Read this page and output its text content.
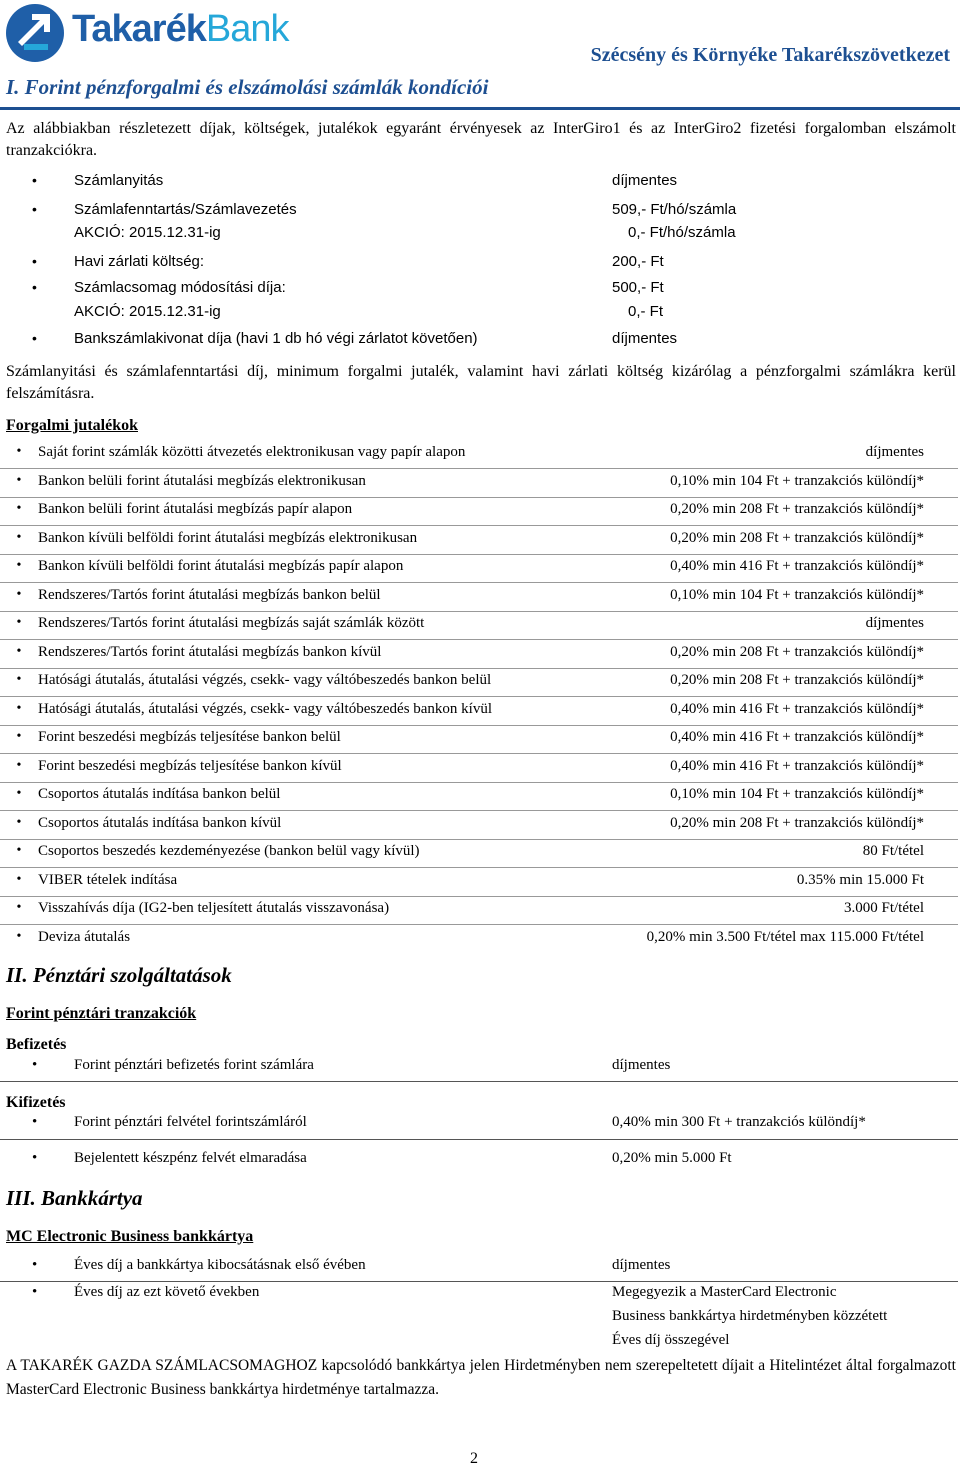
TakarékBank
Szécsény és Környéke Takarékszövetkezet
I. Forint pénzforgalmi és elszámolási számlák kondíciói
Az alábbiakban részletezett díjak, költségek, jutalékok egyaránt érvényesek az InterGiro1 és az InterGiro2 fizetési forgalomban elszámolt tranzakciókra.
• Számlanyitás	díjmentes
• Számlafenntartás/Számlavezetés	509,- Ft/hó/számla
AKCIÓ: 2015.12.31-ig	0,- Ft/hó/számla
• Havi zárlati költség:	200,- Ft
• Számlacsomag módosítási díja:	500,- Ft
AKCIÓ: 2015.12.31-ig	0,- Ft
• Bankszámlakivonat díja (havi 1 db hó végi zárlatot követően)	díjmentes
Számlanyitási és számlafenntartási díj, minimum forgalmi jutalék, valamint havi zárlati költség kizárólag a pénzforgalmi számlákra kerül felszámításra.
Forgalmi jutalékok
• Saját forint számlák közötti átvezetés elektronikusan vagy papír alapon	díjmentes
• Bankon belüli forint átutalási megbízás elektronikusan	0,10% min 104 Ft + tranzakciós különdíj*
• Bankon belüli forint átutalási megbízás papír alapon	0,20% min 208 Ft + tranzakciós különdíj*
• Bankon kívüli belföldi forint átutalási megbízás elektronikusan	0,20% min 208 Ft + tranzakciós különdíj*
• Bankon kívüli belföldi forint átutalási megbízás papír alapon	0,40% min 416 Ft + tranzakciós különdíj*
• Rendszeres/Tartós forint átutalási megbízás bankon belül	0,10% min 104 Ft + tranzakciós különdíj*
• Rendszeres/Tartós forint átutalási megbízás saját számlák között	díjmentes
• Rendszeres/Tartós forint átutalási megbízás bankon kívül	0,20% min 208 Ft + tranzakciós különdíj*
• Hatósági átutalás, átutalási végzés, csekk- vagy váltóbeszedés bankon belül	0,20% min 208 Ft + tranzakciós különdíj*
• Hatósági átutalás, átutalási végzés, csekk- vagy váltóbeszedés bankon kívül	0,40% min 416 Ft + tranzakciós különdíj*
• Forint beszedési megbízás teljesítése bankon belül	0,40% min 416 Ft + tranzakciós különdíj*
• Forint beszedési megbízás teljesítése bankon kívül	0,40% min 416 Ft + tranzakciós különdíj*
• Csoportos átutalás indítása bankon belül	0,10% min 104 Ft + tranzakciós különdíj*
• Csoportos átutalás indítása bankon kívül	0,20% min 208 Ft + tranzakciós különdíj*
• Csoportos beszedés kezdeményezése (bankon belül vagy kívül)	80 Ft/tétel
• VIBER tételek indítása	0.35% min 15.000 Ft
• Visszahívás díja (IG2-ben teljesített átutalás visszavonása)	3.000 Ft/tétel
• Deviza átutalás	0,20% min 3.500 Ft/tétel max 115.000 Ft/tétel
II. Pénztári szolgáltatások
Forint pénztári tranzakciók
Befizetés
• Forint pénztári befizetés forint számlára	díjmentes
Kifizetés
• Forint pénztári felvétel forintszámláról	0,40% min 300 Ft + tranzakciós különdíj*
• Bejelentett készpénz felvét elmaradása	0,20% min 5.000 Ft
III. Bankkártya
MC Electronic Business bankkártya
• Éves díj a bankkártya kibocsátásnak első évében	díjmentes
• Éves díj az ezt követő években	Megegyezik a MasterCard Electronic
Business bankkártya hirdetményben közzétett
Éves díj összegével
A TAKARÉK GAZDA SZÁMLACSOMAGHOZ kapcsolódó bankkártya jelen Hirdetményben nem szerepeltetett díjait a Hitelintézet által forgalmazott MasterCard Electronic Business bankkártya hirdetménye tartalmazza.
2
